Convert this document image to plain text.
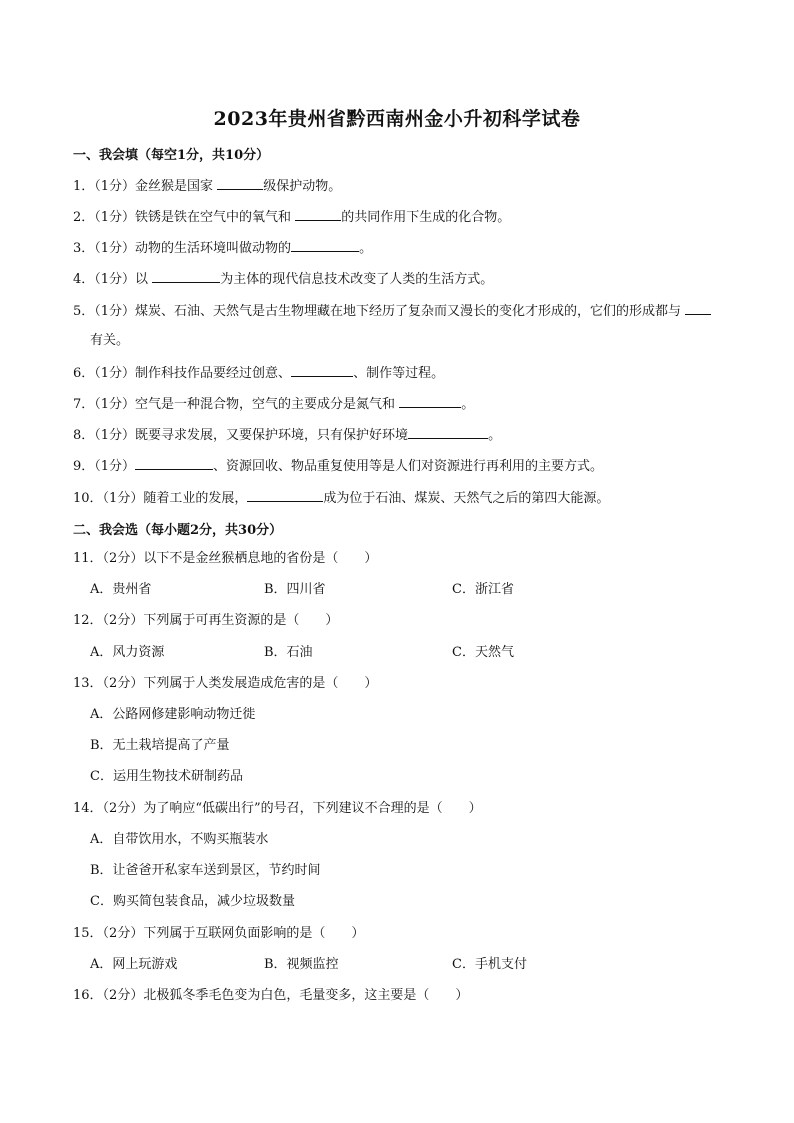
2023年贵州省黔西南州金小升初科学试卷
一、我会填（每空1分，共10分）
1．（1分）金丝猴是国家	级保护动物。
2．（1分）铁锈是铁在空气中的氧气和	的共同作用下生成的化合物。
3．（1分）动物的生活环境叫做动物的	。
4．（1分）以	为主体的现代信息技术改变了人类的生活方式。
5．（1分）煤炭、石油、天然气是古生物埋藏在地下经历了复杂而又漫长的变化才形成的，它们的形成都与
有关。
6．（1分）制作科技作品要经过创意、	、制作等过程。
7．（1分）空气是一种混合物，空气的主要成分是氮气和	。
8．（1分）既要寻求发展，又要保护环境，只有保护好环境	。
9．（1分）	、资源回收、物品重复使用等是人们对资源进行再利用的主要方式。
10．（1分）随着工业的发展，	成为位于石油、煤炭、天然气之后的第四大能源。
二、我会选（每小题2分，共30分）
11．（2分）以下不是金丝猴栖息地的省份是（　　）
A．贵州省	B．四川省	C．浙江省
12．（2分）下列属于可再生资源的是（　　）
A．风力资源	B．石油	C．天然气
13．（2分）下列属于人类发展造成危害的是（　　）
A．公路网修建影响动物迁徙
B．无土栽培提高了产量
C．运用生物技术研制药品
14．（2分）为了响应“低碳出行”的号召，下列建议不合理的是（　　）
A．自带饮用水，不购买瓶装水
B．让爸爸开私家车送到景区，节约时间
C．购买简包装食品，减少垃圾数量
15．（2分）下列属于互联网负面影响的是（　　）
A．网上玩游戏	B．视频监控	C．手机支付
16．（2分）北极狐冬季毛色变为白色，毛量变多，这主要是（　　）
